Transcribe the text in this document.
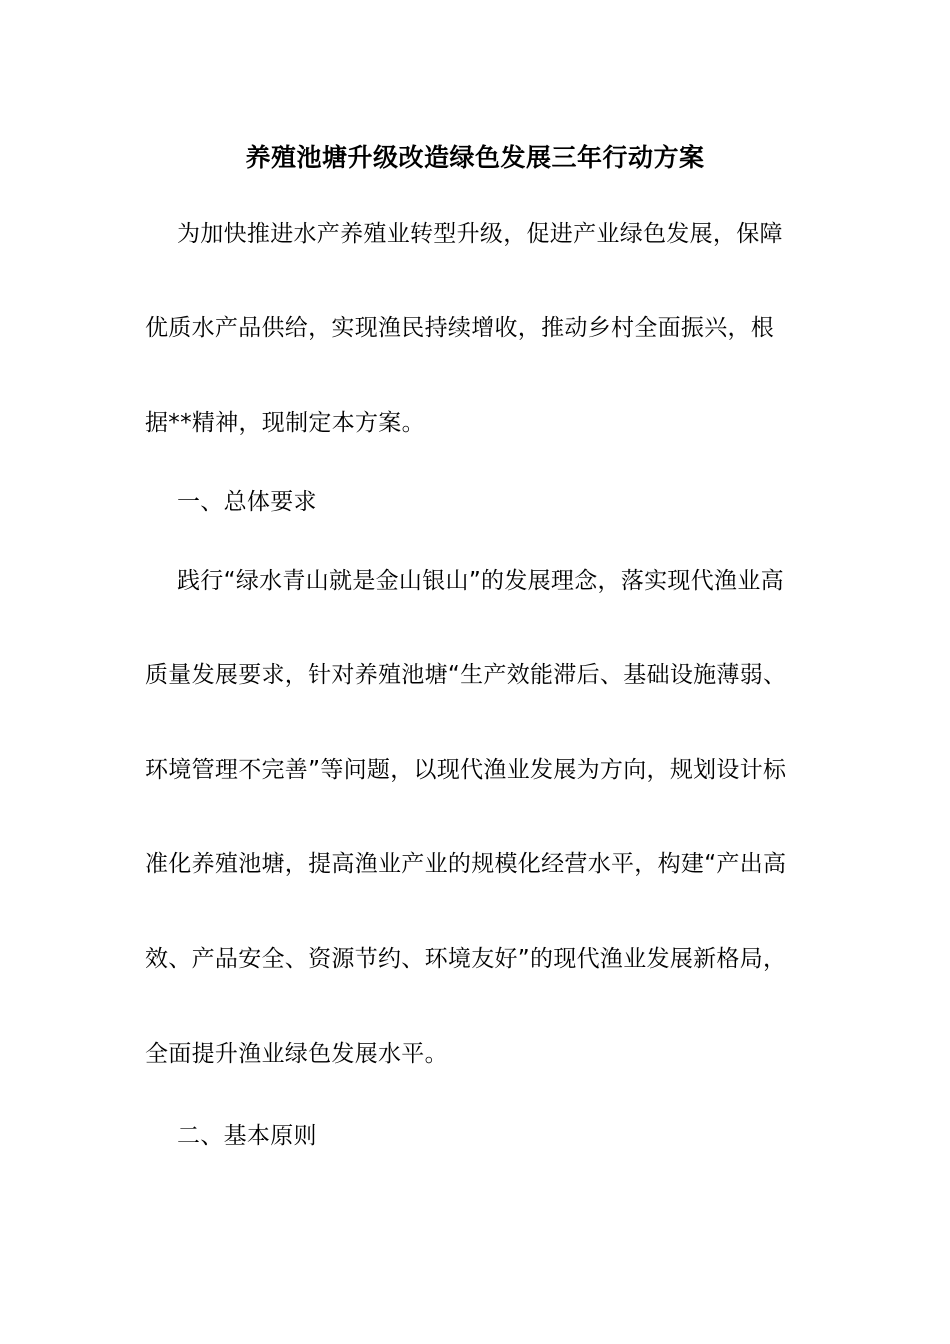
养殖池塘升级改造绿色发展三年行动方案
为加快推进水产养殖业转型升级，促进产业绿色发展，保障
优质水产品供给，实现渔民持续增收，推动乡村全面振兴，根
据**精神，现制定本方案。
一、总体要求
践行“绿水青山就是金山银山”的发展理念，落实现代渔业高
质量发展要求，针对养殖池塘“生产效能滞后、基础设施薄弱、
环境管理不完善”等问题，以现代渔业发展为方向，规划设计标
准化养殖池塘，提高渔业产业的规模化经营水平，构建“产出高
效、产品安全、资源节约、环境友好”的现代渔业发展新格局，
全面提升渔业绿色发展水平。
二、基本原则
